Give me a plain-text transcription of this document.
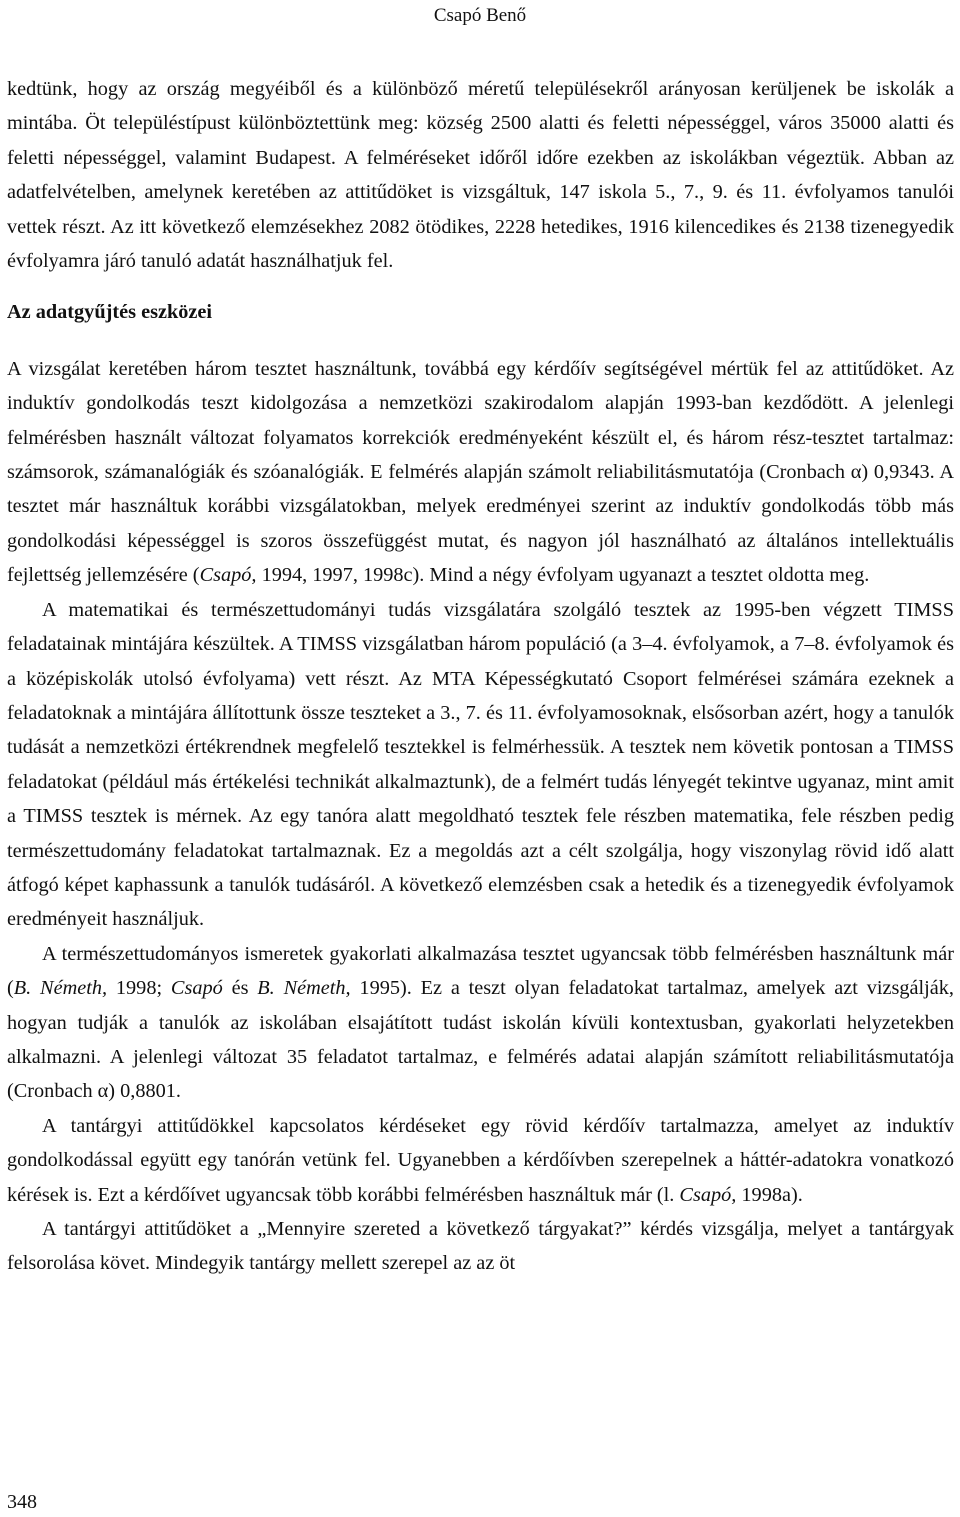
Csapó Benő

kedtünk, hogy az ország megyéiből és a különböző méretű településekről arányosan kerüljenek be iskolák a mintába. Öt településtípust különböztettünk meg: község 2500 alatti és feletti népességgel, város 35000 alatti és feletti népességgel, valamint Budapest. A felméréseket időről időre ezekben az iskolákban végeztük. Abban az adatfelvételben, amelynek keretében az attitűdöket is vizsgáltuk, 147 iskola 5., 7., 9. és 11. évfolyamos tanulói vettek részt. Az itt következő elemzésekhez 2082 ötödikes, 2228 hetedikes, 1916 kilencedikes és 2138 tizenegyedik évfolyamra járó tanuló adatát használhatjuk fel.

Az adatgyűjtés eszközei

A vizsgálat keretében három tesztet használtunk, továbbá egy kérdőív segítségével mértük fel az attitűdöket. Az induktív gondolkodás teszt kidolgozása a nemzetközi szakirodalom alapján 1993-ban kezdődött. A jelenlegi felmérésben használt változat folyamatos korrekciók eredményeként készült el, és három rész-tesztet tartalmaz: számsorok, számanalógiák és szóanalógiák. E felmérés alapján számolt reliabilitásmutatója (Cronbach α) 0,9343. A tesztet már használtuk korábbi vizsgálatokban, melyek eredményei szerint az induktív gondolkodás több más gondolkodási képességgel is szoros összefüggést mutat, és nagyon jól használható az általános intellektuális fejlettség jellemzésére (Csapó, 1994, 1997, 1998c). Mind a négy évfolyam ugyanazt a tesztet oldotta meg.

A matematikai és természettudományi tudás vizsgálatára szolgáló tesztek az 1995-ben végzett TIMSS feladatainak mintájára készültek. A TIMSS vizsgálatban három populáció (a 3–4. évfolyamok, a 7–8. évfolyamok és a középiskolák utolsó évfolyama) vett részt. Az MTA Képességkutató Csoport felmérései számára ezeknek a feladatoknak a mintájára állítottunk össze teszteket a 3., 7. és 11. évfolyamosoknak, elsősorban azért, hogy a tanulók tudását a nemzetközi értékrendnek megfelelő tesztekkel is felmérhessük. A tesztek nem követik pontosan a TIMSS feladatokat (például más értékelési technikát alkalmaztunk), de a felmért tudás lényegét tekintve ugyanaz, mint amit a TIMSS tesztek is mérnek. Az egy tanóra alatt megoldható tesztek fele részben matematika, fele részben pedig természettudomány feladatokat tartalmaznak. Ez a megoldás azt a célt szolgálja, hogy viszonylag rövid idő alatt átfogó képet kaphassunk a tanulók tudásáról. A következő elemzésben csak a hetedik és a tizenegyedik évfolyamok eredményeit használjuk.

A természettudományos ismeretek gyakorlati alkalmazása tesztet ugyancsak több felmérésben használtunk már (B. Németh, 1998; Csapó és B. Németh, 1995). Ez a teszt olyan feladatokat tartalmaz, amelyek azt vizsgálják, hogyan tudják a tanulók az iskolában elsajátított tudást iskolán kívüli kontextusban, gyakorlati helyzetekben alkalmazni. A jelenlegi változat 35 feladatot tartalmaz, e felmérés adatai alapján számított reliabilitásmutatója (Cronbach α) 0,8801.

A tantárgyi attitűdökkel kapcsolatos kérdéseket egy rövid kérdőív tartalmazza, amelyet az induktív gondolkodással együtt egy tanórán vetünk fel. Ugyanebben a kérdőívben szerepelnek a háttér-adatokra vonatkozó kérések is. Ezt a kérdőívet ugyancsak több korábbi felmérésben használtuk már (l. Csapó, 1998a).

A tantárgyi attitűdöket a „Mennyire szereted a következő tárgyakat?” kérdés vizsgálja, melyet a tantárgyak felsorolása követ. Mindegyik tantárgy mellett szerepel az az öt

348
